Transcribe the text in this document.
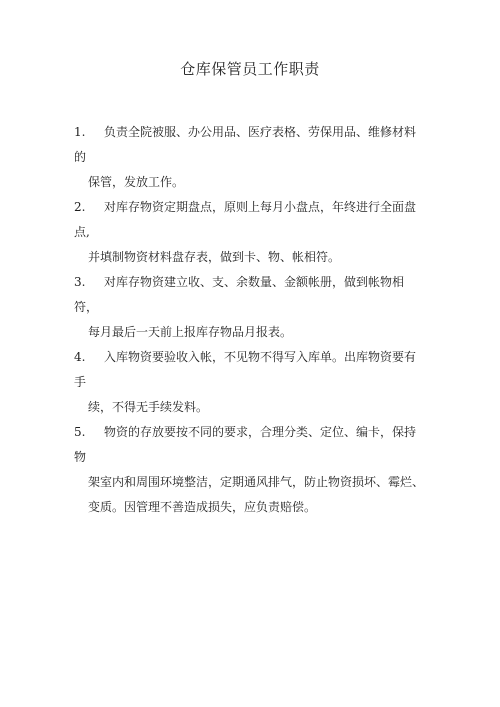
仓库保管员工作职责
1. 负责全院被服、办公用品、医疗表格、劳保用品、维修材料
的
保管，发放工作。
2. 对库存物资定期盘点，原则上每月小盘点，年终进行全面盘
点,
并填制物资材料盘存表，做到卡、物、帐相符。
3. 对库存物资建立收、支、余数量、金额帐册，做到帐物相
符，
每月最后一天前上报库存物品月报表。
4. 入库物资要验收入帐，不见物不得写入库单。出库物资要有
手
续，不得无手续发料。
5. 物资的存放要按不同的要求，合理分类、定位、编卡，保持
物
架室内和周围环境整洁，定期通风排气，防止物资损坏、霉烂、
变质。因管理不善造成损失，应负责赔偿。
